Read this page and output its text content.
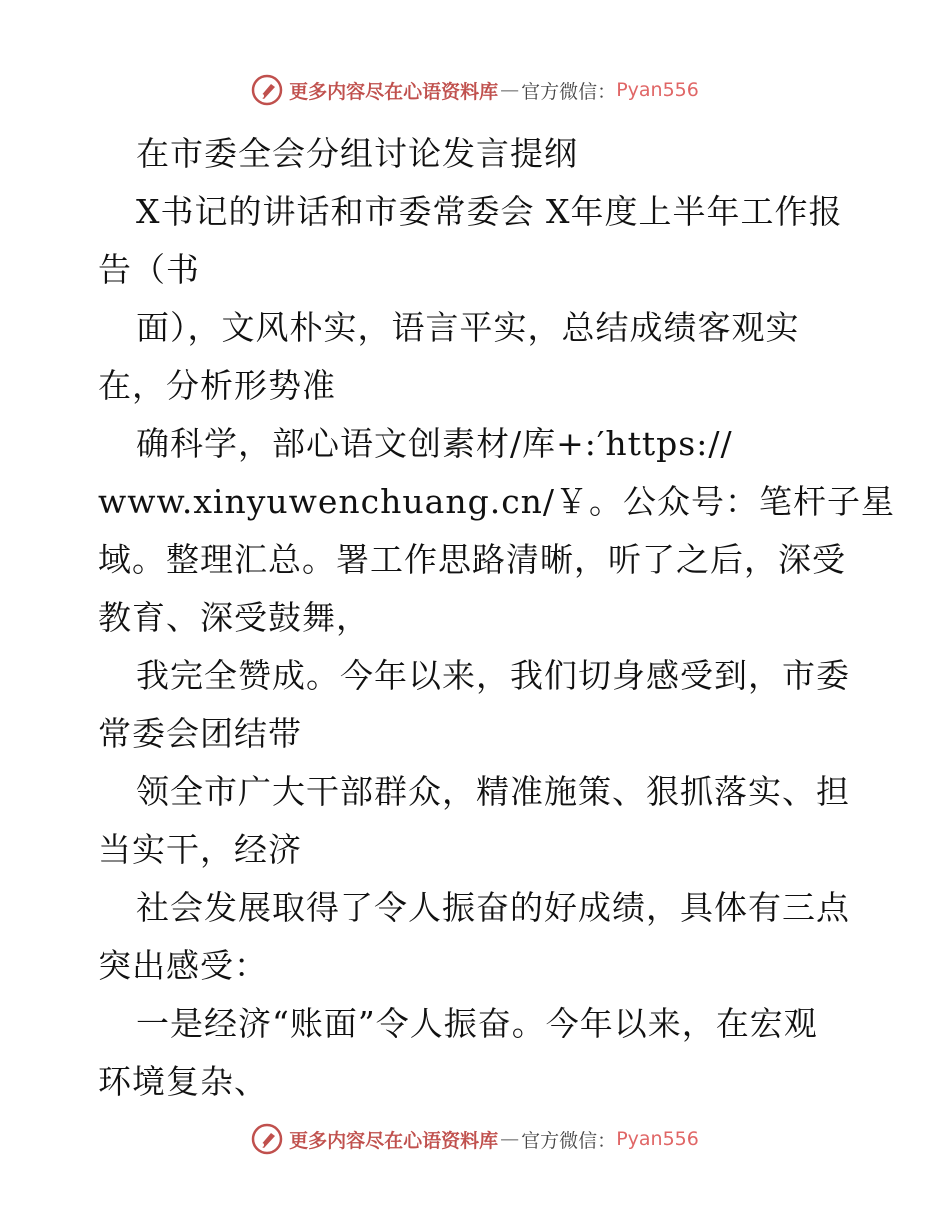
更多内容尽在心语资料库 — 官方微信： Pyan556
在市委全会分组讨论发言提纲
X书记的讲话和市委常委会 X年度上半年工作报
告（书
面），文风朴实，语言平实，总结成绩客观实
在，分析形势准
确科学，部心语文创素材/库+:′https://
www.xinyuwenchuang.cn/￥。公众号：笔杆子星
域。整理汇总。署工作思路清晰，听了之后，深受
教育、深受鼓舞，
我完全赞成。今年以来，我们切身感受到，市委
常委会团结带
领全市广大干部群众，精准施策、狠抓落实、担
当实干，经济
社会发展取得了令人振奋的好成绩，具体有三点
突出感受：
一是经济“账面”令人振奋。今年以来，在宏观
环境复杂、
更多内容尽在心语资料库 — 官方微信： Pyan556
